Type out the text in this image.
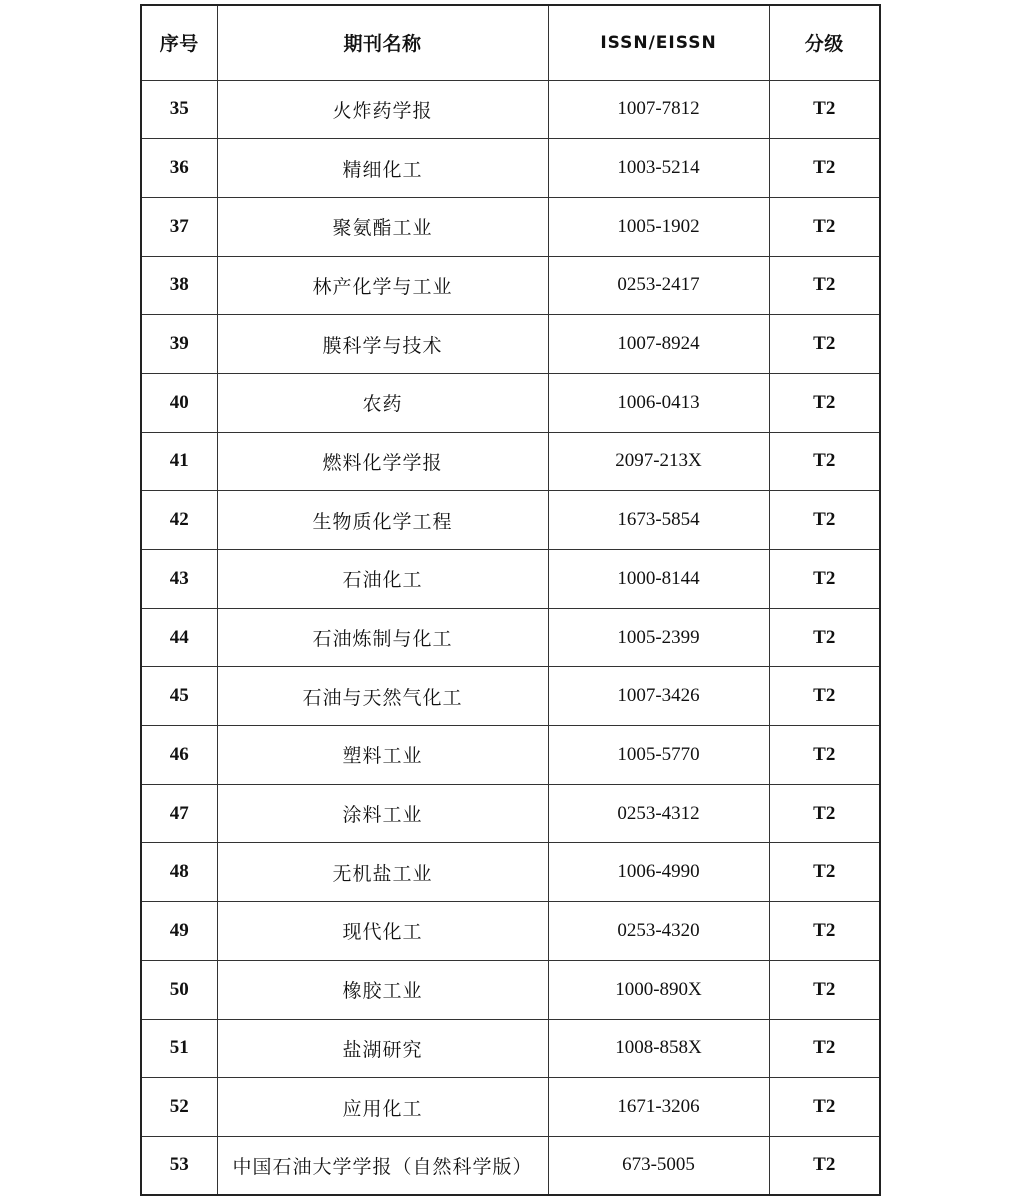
序号	期刊名称	ISSN/EISSN	分级
35	火炸药学报	1007-7812	T2
36	精细化工	1003-5214	T2
37	聚氨酯工业	1005-1902	T2
38	林产化学与工业	0253-2417	T2
39	膜科学与技术	1007-8924	T2
40	农药	1006-0413	T2
41	燃料化学学报	2097-213X	T2
42	生物质化学工程	1673-5854	T2
43	石油化工	1000-8144	T2
44	石油炼制与化工	1005-2399	T2
45	石油与天然气化工	1007-3426	T2
46	塑料工业	1005-5770	T2
47	涂料工业	0253-4312	T2
48	无机盐工业	1006-4990	T2
49	现代化工	0253-4320	T2
50	橡胶工业	1000-890X	T2
51	盐湖研究	1008-858X	T2
52	应用化工	1671-3206	T2
53	中国石油大学学报（自然科学版）	673-5005	T2
